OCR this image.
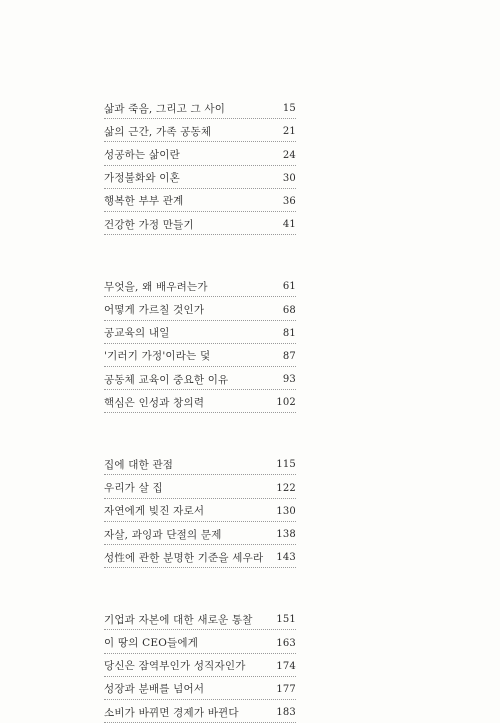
삶과 죽음, 그리고 그 사이	15
삶의 근간, 가족 공동체	21
성공하는 삶이란	24
가정불화와 이혼	30
행복한 부부 관계	36
건강한 가정 만들기	41
무엇을, 왜 배우려는가	61
어떻게 가르칠 것인가	68
공교육의 내일	81
'기러기 가정'이라는 덫	87
공동체 교육이 중요한 이유	93
핵심은 인성과 창의력	102
집에 대한 관점	115
우리가 살 집	122
자연에게 빚진 자로서	130
자살, 과잉과 단절의 문제	138
성性에 관한 분명한 기준을 세우라 143
기업과 자본에 대한 새로운 통찰 151
이 땅의 CEO들에게	163
당신은 잠역부인가 성직자인가	174
성장과 분배를 넘어서	177
소비가 바뀌면 경제가 바뀐다	183
